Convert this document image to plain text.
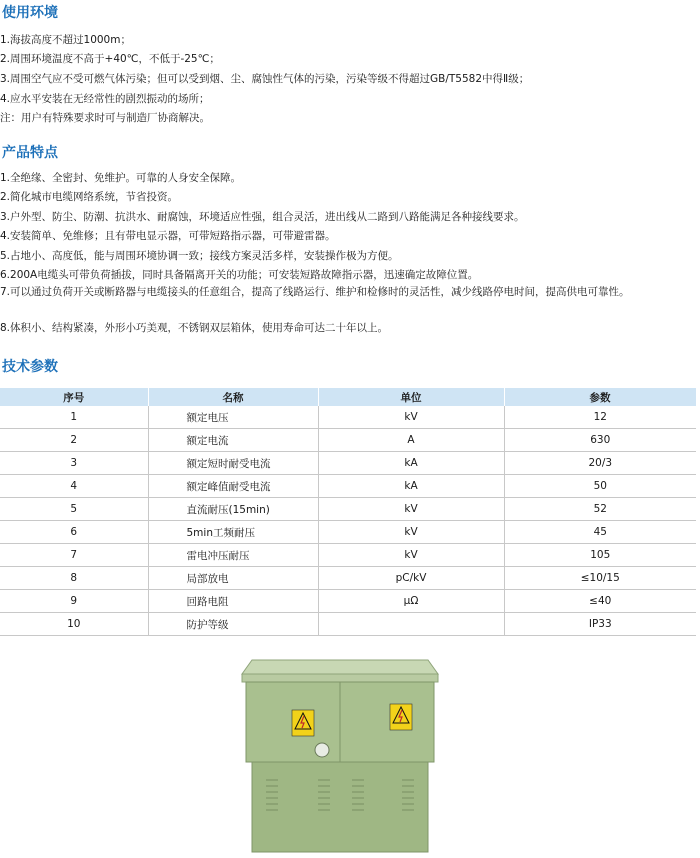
使用环境
1.海拔高度不超过1000m；
2.周围环境温度不高于+40℃，不低于-25℃；
3.周围空气应不受可燃气体污染；但可以受到烟、尘、腐蚀性气体的污染，污染等级不得超过GB/T5582中得Ⅱ级；
4.应水平安装在无经常性的剧烈振动的场所；
注：用户有特殊要求时可与制造厂协商解决。
产品特点
1.全绝缘、全密封、免维护。可靠的人身安全保障。
2.简化城市电缆网络系统，节省投资。
3.户外型、防尘、防潮、抗洪水、耐腐蚀，环境适应性强，组合灵活，进出线从二路到八路能满足各种接线要求。
4.安装简单、免维修；且有带电显示器，可带短路指示器，可带避雷器。
5.占地小、高度低，能与周围环境协调一致；接线方案灵活多样，安装操作极为方便。
6.200A电缆头可带负荷插拔，同时具备隔离开关的功能；可安装短路故障指示器，迅速确定故障位置。
7.可以通过负荷开关或断路器与电缆接头的任意组合，提高了线路运行、维护和检修时的灵活性，减少线路停电时间，提高供电可靠性。
8.体积小、结构紧凑，外形小巧美观，不锈钢双层箱体，使用寿命可达二十年以上。
技术参数
序号	名称	单位	参数
1	额定电压	kV	12
2	额定电流	A	630
3	额定短时耐受电流	kA	20/3
4	额定峰值耐受电流	kA	50
5	直流耐压(15min)	kV	52
6	5min工频耐压	kV	45
7	雷电冲压耐压	kV	105
8	局部放电	pC/kV	≤10/15
9	回路电阻	μΩ	≤40
10	防护等级		IP33
